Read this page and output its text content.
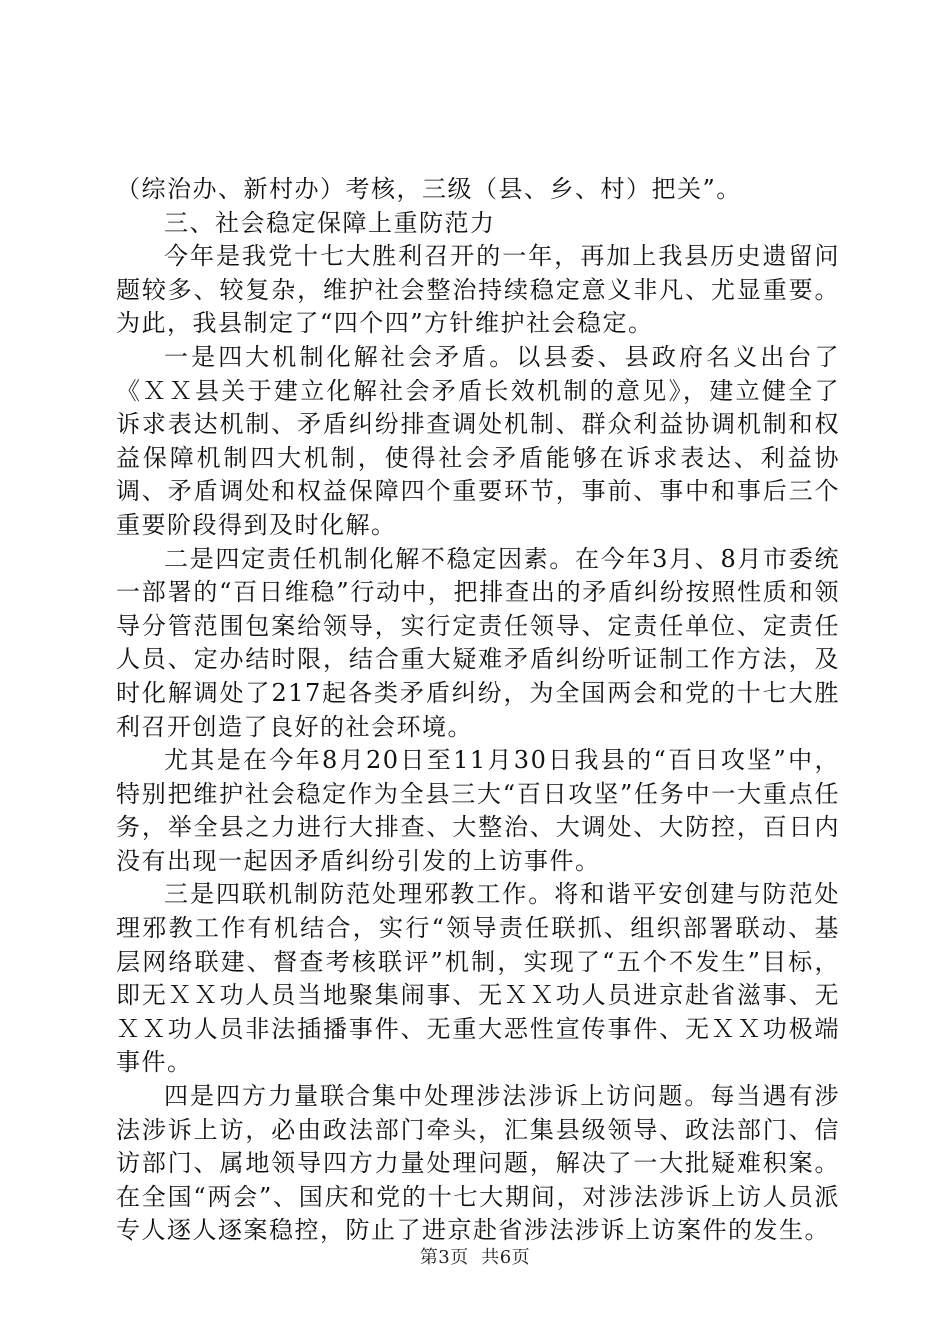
（综治办、新村办）考核，三级（县、乡、村）把关”。

三、社会稳定保障上重防范力

今年是我党十七大胜利召开的一年，再加上我县历史遗留问题较多、较复杂，维护社会整治持续稳定意义非凡、尤显重要。为此，我县制定了“四个四”方针维护社会稳定。

一是四大机制化解社会矛盾。以县委、县政府名义出台了《ＸＸ县关于建立化解社会矛盾长效机制的意见》，建立健全了诉求表达机制、矛盾纠纷排查调处机制、群众利益协调机制和权益保障机制四大机制，使得社会矛盾能够在诉求表达、利益协调、矛盾调处和权益保障四个重要环节，事前、事中和事后三个重要阶段得到及时化解。

二是四定责任机制化解不稳定因素。在今年3月、8月市委统一部署的“百日维稳”行动中，把排查出的矛盾纠纷按照性质和领导分管范围包案给领导，实行定责任领导、定责任单位、定责任人员、定办结时限，结合重大疑难矛盾纠纷听证制工作方法，及时化解调处了217起各类矛盾纠纷，为全国两会和党的十七大胜利召开创造了良好的社会环境。

尤其是在今年8月20日至11月30日我县的“百日攻坚”中，特别把维护社会稳定作为全县三大“百日攻坚”任务中一大重点任务，举全县之力进行大排查、大整治、大调处、大防控，百日内没有出现一起因矛盾纠纷引发的上访事件。

三是四联机制防范处理邪教工作。将和谐平安创建与防范处理邪教工作有机结合，实行“领导责任联抓、组织部署联动、基层网络联建、督查考核联评”机制，实现了“五个不发生”目标，即无ＸＸ功人员当地聚集闹事、无ＸＸ功人员进京赴省滋事、无ＸＸ功人员非法插播事件、无重大恶性宣传事件、无ＸＸ功极端事件。

四是四方力量联合集中处理涉法涉诉上访问题。每当遇有涉法涉诉上访，必由政法部门牵头，汇集县级领导、政法部门、信访部门、属地领导四方力量处理问题，解决了一大批疑难积案。在全国“两会”、国庆和党的十七大期间，对涉法涉诉上访人员派专人逐人逐案稳控，防止了进京赴省涉法涉诉上访案件的发生。

第3页  共6页
